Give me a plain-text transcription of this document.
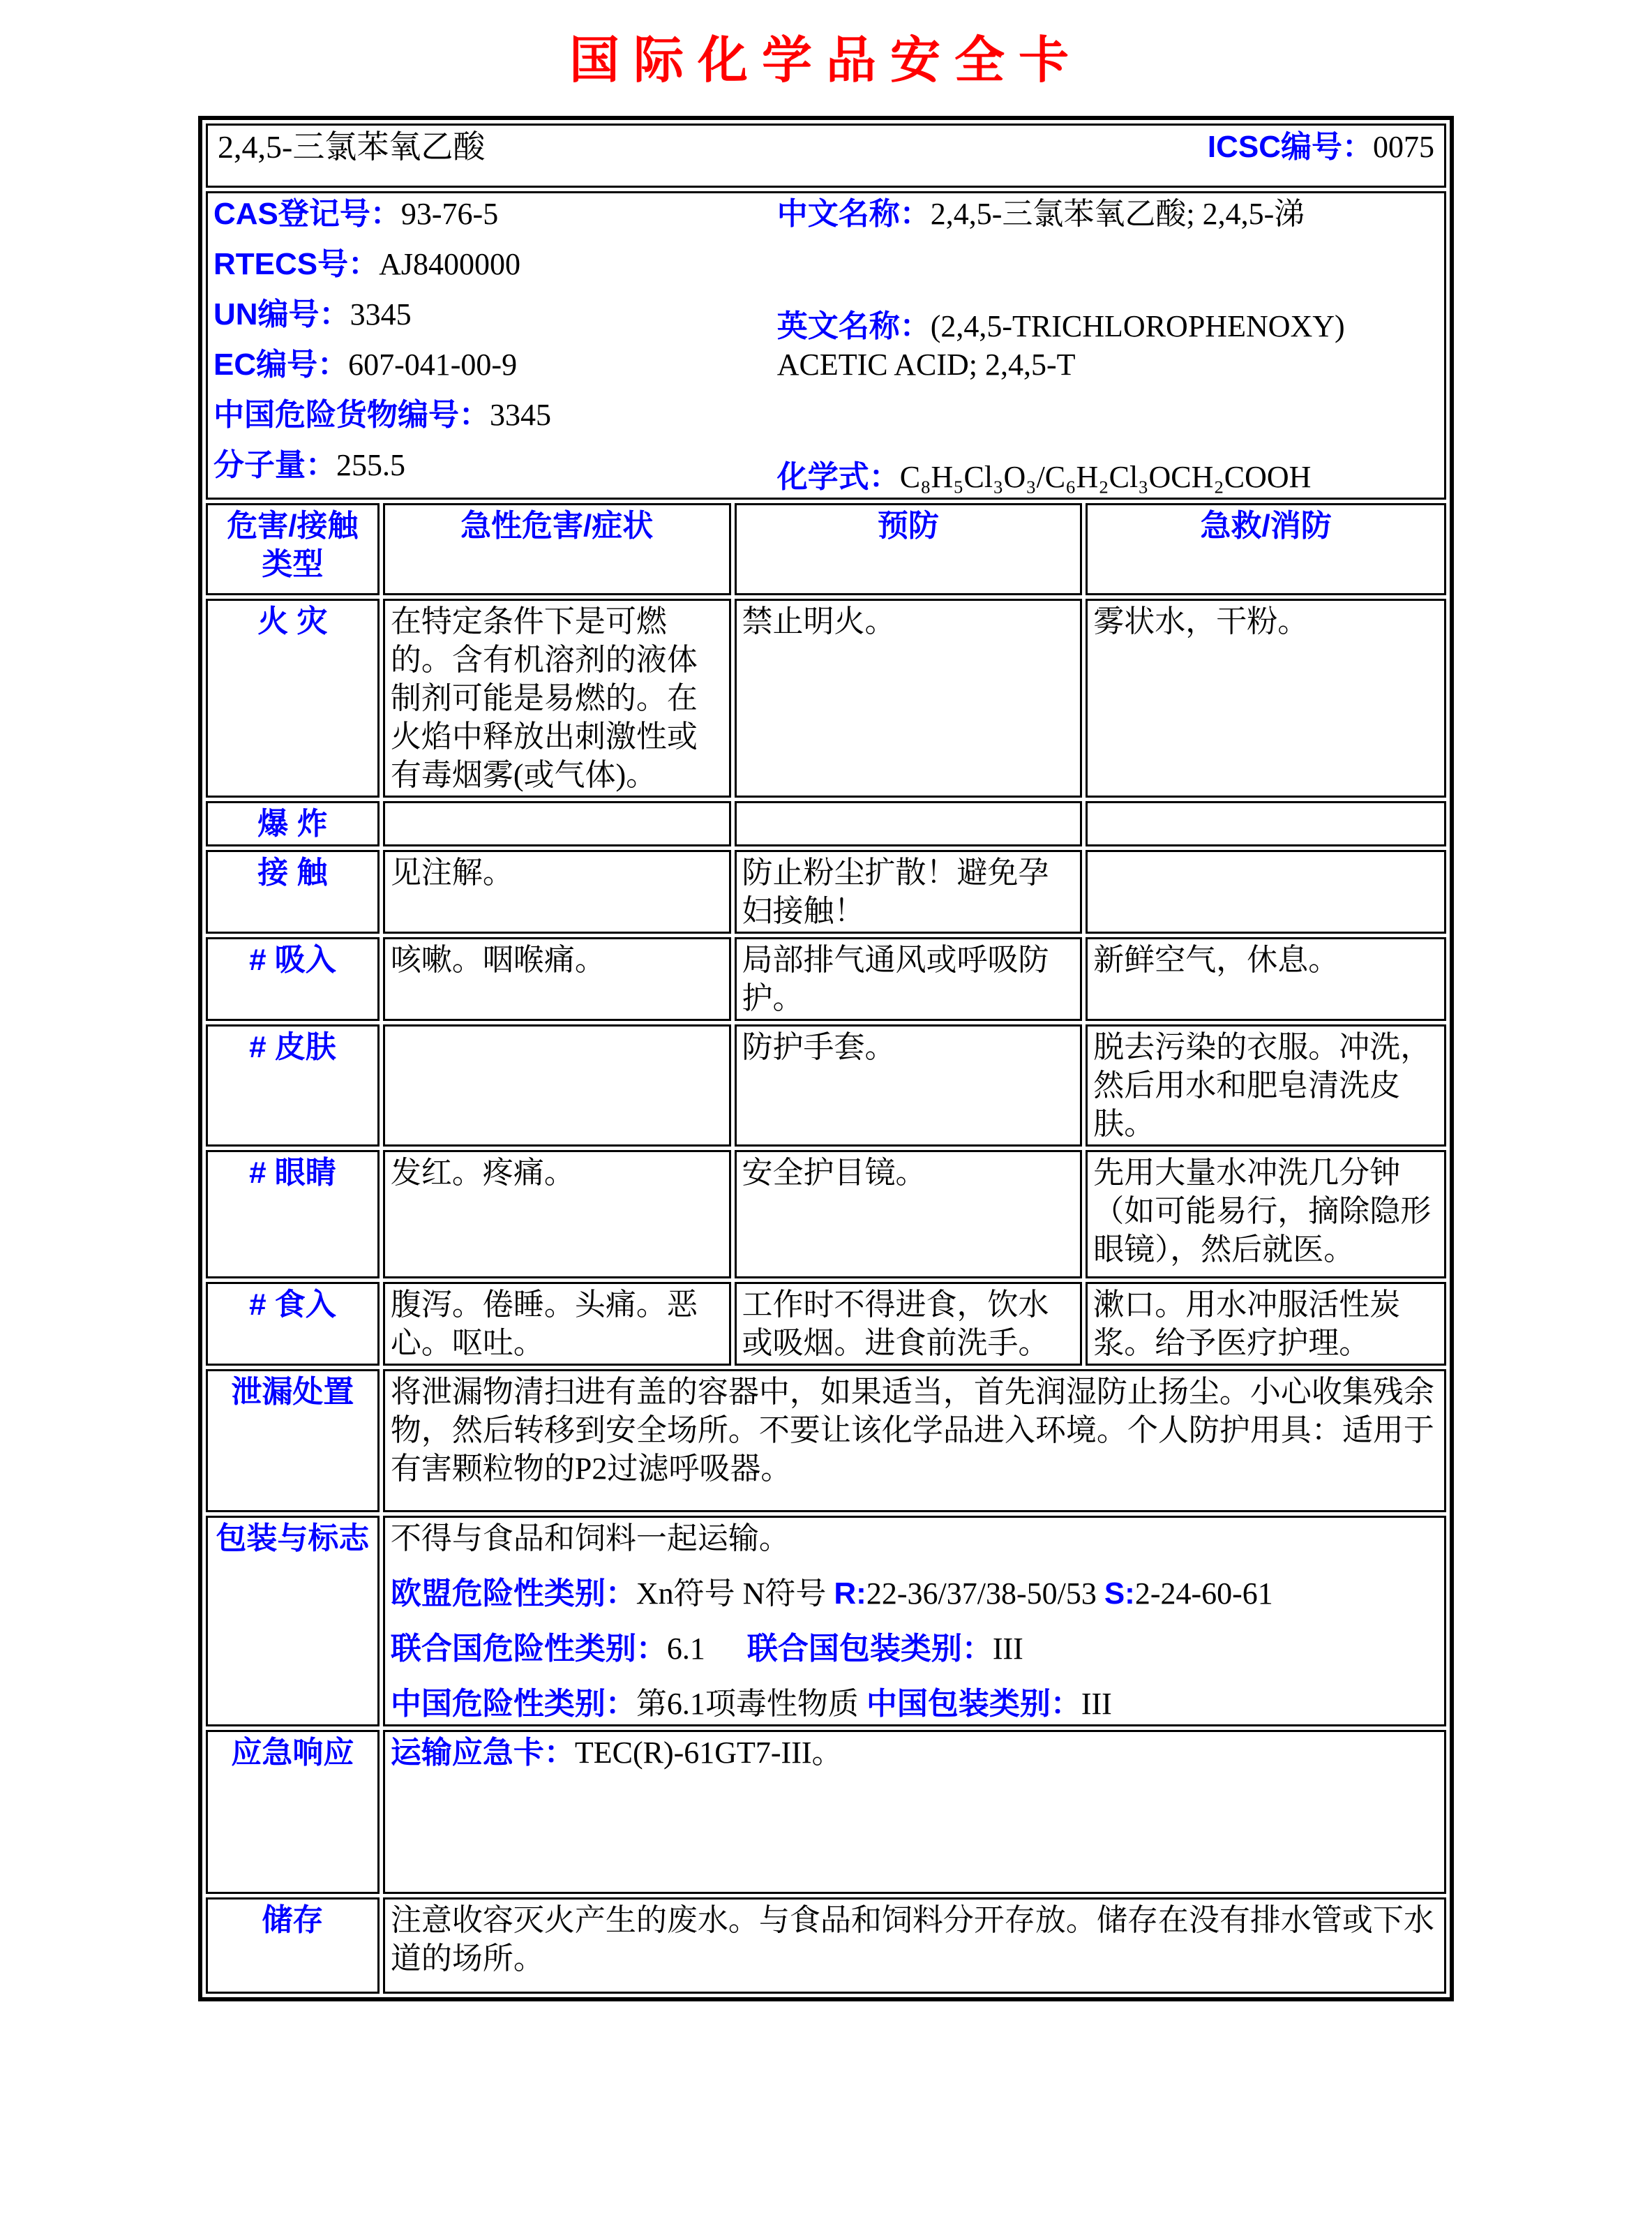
国际化学品安全卡
2,4,5-三氯苯氧乙酸 ICSC编号：0075			

CAS登记号：93-76-5
RTECS号：AJ8400000
UN编号：3345
EC编号：607-041-00-9
中国危险货物编号：3345
分子量：255.5
中文名称：2,4,5-三氯苯氧乙酸; 2,4,5-涕
英文名称：(2,4,5-TRICHLOROPHENOXY) ACETIC ACID; 2,4,5-T
化学式：C₈H₅Cl₃O₃/C₆H₂Cl₃OCH₂COOH

危害/接触类型	急性危害/症状	预防	急救/消防
火 灾	在特定条件下是可燃的。含有机溶剂的液体制剂可能是易燃的。在火焰中释放出刺激性或有毒烟雾(或气体)。	禁止明火。	雾状水，干粉。
爆 炸			
接 触	见注解。	防止粉尘扩散！避免孕妇接触！	
# 吸入	咳嗽。咽喉痛。	局部排气通风或呼吸防护。	新鲜空气，休息。
# 皮肤		防护手套。	脱去污染的衣服。冲洗，然后用水和肥皂清洗皮肤。
# 眼睛	发红。疼痛。	安全护目镜。	先用大量水冲洗几分钟（如可能易行，摘除隐形眼镜），然后就医。
# 食入	腹泻。倦睡。头痛。恶心。呕吐。	工作时不得进食，饮水或吸烟。进食前洗手。	漱口。用水冲服活性炭浆。给予医疗护理。
泄漏处置	将泄漏物清扫进有盖的容器中，如果适当，首先润湿防止扬尘。小心收集残余物，然后转移到安全场所。不要让该化学品进入环境。个人防护用具：适用于有害颗粒物的P2过滤呼吸器。		
包装与标志	不得与食品和饲料一起运输。
欧盟危险性类别：Xn符号 N符号 R:22-36/37/38-50/53 S:2-24-60-61
联合国危险性类别：6.1 联合国包装类别：III
中国危险性类别：第6.1项毒性物质 中国包装类别：III		

应急响应	运输应急卡：TEC(R)-61GT7-III。		
储存	注意收容灭火产生的废水。与食品和饲料分开存放。储存在没有排水管或下水道的场所。		
